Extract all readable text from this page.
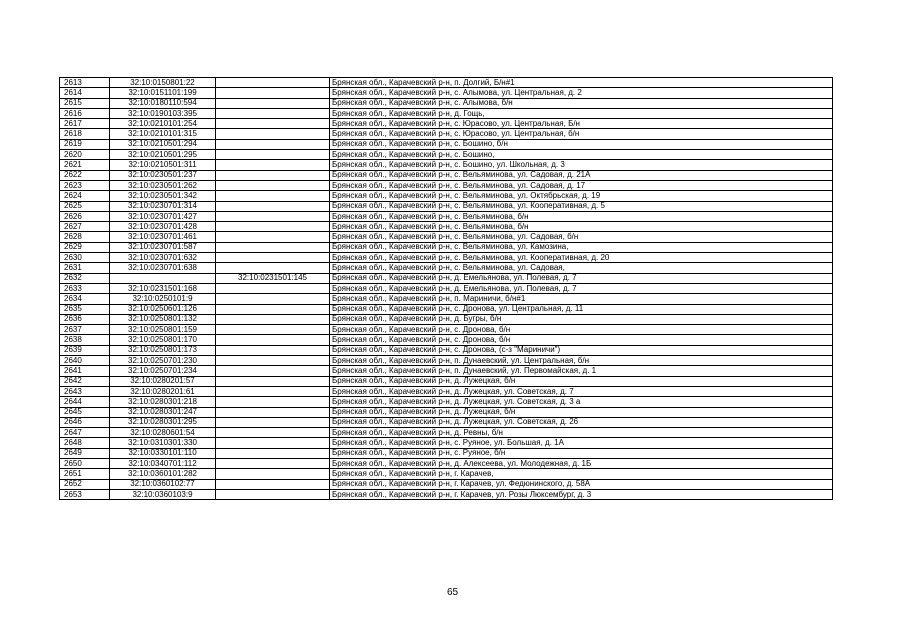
2613	32:10:0150801:22		Брянская обл., Карачевский р-н, п. Долгий, Б/н#1
2614	32:10:0151101:199		Брянская обл., Карачевский р-н, с. Алымова, ул. Центральная, д. 2
2615	32:10:0180110:594		Брянская обл., Карачевский р-н, с. Алымова, б/н
2616	32:10:0190103:395		Брянская обл., Карачевский р-н, д. Гощь,
2617	32:10:0210101:254		Брянская обл., Карачевский р-н, с. Юрасово, ул. Центральная, Б/н
2618	32:10:0210101:315		Брянская обл., Карачевский р-н, с. Юрасово, ул. Центральная, б/н
2619	32:10:0210501:294		Брянская обл., Карачевский р-н, с. Бошино, б/н
2620	32:10:0210501:295		Брянская обл., Карачевский р-н, с. Бошино,
2621	32:10:0210501:311		Брянская обл., Карачевский р-н, с. Бошино, ул. Школьная, д. 3
2622	32:10:0230501:237		Брянская обл., Карачевский р-н, с. Вельяминова, ул. Садовая, д. 21А
2623	32:10:0230501:262		Брянская обл., Карачевский р-н, с. Вельяминова, ул. Садовая, д. 17
2624	32:10:0230501:342		Брянская обл., Карачевский р-н, с. Вельяминова, ул. Октябрьская, д. 19
2625	32:10:0230701:314		Брянская обл., Карачевский р-н, с. Вельяминова, ул. Кооперативная, д. 5
2626	32:10:0230701:427		Брянская обл., Карачевский р-н, с. Вельяминова, б/н
2627	32:10:0230701:428		Брянская обл., Карачевский р-н, с. Вельяминова, б/н
2628	32:10:0230701:461		Брянская обл., Карачевский р-н, с. Вельяминова, ул. Садовая, б/н
2629	32:10:0230701:587		Брянская обл., Карачевский р-н, с. Вельяминова, ул. Камозина,
2630	32:10:0230701:632		Брянская обл., Карачевский р-н, с. Вельяминова, ул. Кооперативная, д. 20
2631	32:10:0230701:638		Брянская обл., Карачевский р-н, с. Вельяминова, ул. Садовая,
2632		32:10:0231501:145	Брянская обл., Карачевский р-н, д. Емельянова, ул. Полевая, д. 7
2633	32:10:0231501:168		Брянская обл., Карачевский р-н, д. Емельянова, ул. Полевая, д. 7
2634	32:10:0250101:9		Брянская обл., Карачевский р-н, п. Мариничи, б/н#1
2635	32:10:0250601:126		Брянская обл., Карачевский р-н, с. Дронова, ул. Центральная, д. 11
2636	32:10:0250801:132		Брянская обл., Карачевский р-н, д. Бугры, б/н
2637	32:10:0250801:159		Брянская обл., Карачевский р-н, с. Дронова, б/н
2638	32:10:0250801:170		Брянская обл., Карачевский р-н, с. Дронова, б/н
2639	32:10:0250801:173		Брянская обл., Карачевский р-н, с. Дронова, (с-з "Мариничи")
2640	32:10:0250701:230		Брянская обл., Карачевский р-н, п. Дунаевский, ул. Центральная, б/н
2641	32:10:0250701:234		Брянская обл., Карачевский р-н, п. Дунаевский, ул. Первомайская, д. 1
2642	32:10:0280201:57		Брянская обл., Карачевский р-н, д. Лужецкая, б/н
2643	32:10:0280201:61		Брянская обл., Карачевский р-н, д. Лужецкая, ул. Советская, д. 7
2644	32:10:0280301:218		Брянская обл., Карачевский р-н, д. Лужецкая, ул. Советская, д. 3 а
2645	32:10:0280301:247		Брянская обл., Карачевский р-н, д. Лужецкая, б/н
2646	32:10:0280301:295		Брянская обл., Карачевский р-н, д. Лужецкая, ул. Советская, д. 26
2647	32:10:0280601:54		Брянская обл., Карачевский р-н, д. Ревны, б/н
2648	32:10:0310301:330		Брянская обл., Карачевский р-н, с. Руяное, ул. Большая, д. 1А
2649	32:10:0330101:110		Брянская обл., Карачевский р-н, с. Руяное, б/н
2650	32:10:0340701:112		Брянская обл., Карачевский р-н, д. Алексеева, ул. Молодежная, д. 1Б
2651	32:10:0360101:282		Брянская обл., Карачевский р-н, г. Карачев,
2652	32:10:0360102:77		Брянская обл., Карачевский р-н, г. Карачев, ул. Федюнинского, д. 58А
2653	32:10:0360103:9		Брянская обл., Карачевский р-н, г. Карачев, ул. Розы Люксембург, д. 3
65
